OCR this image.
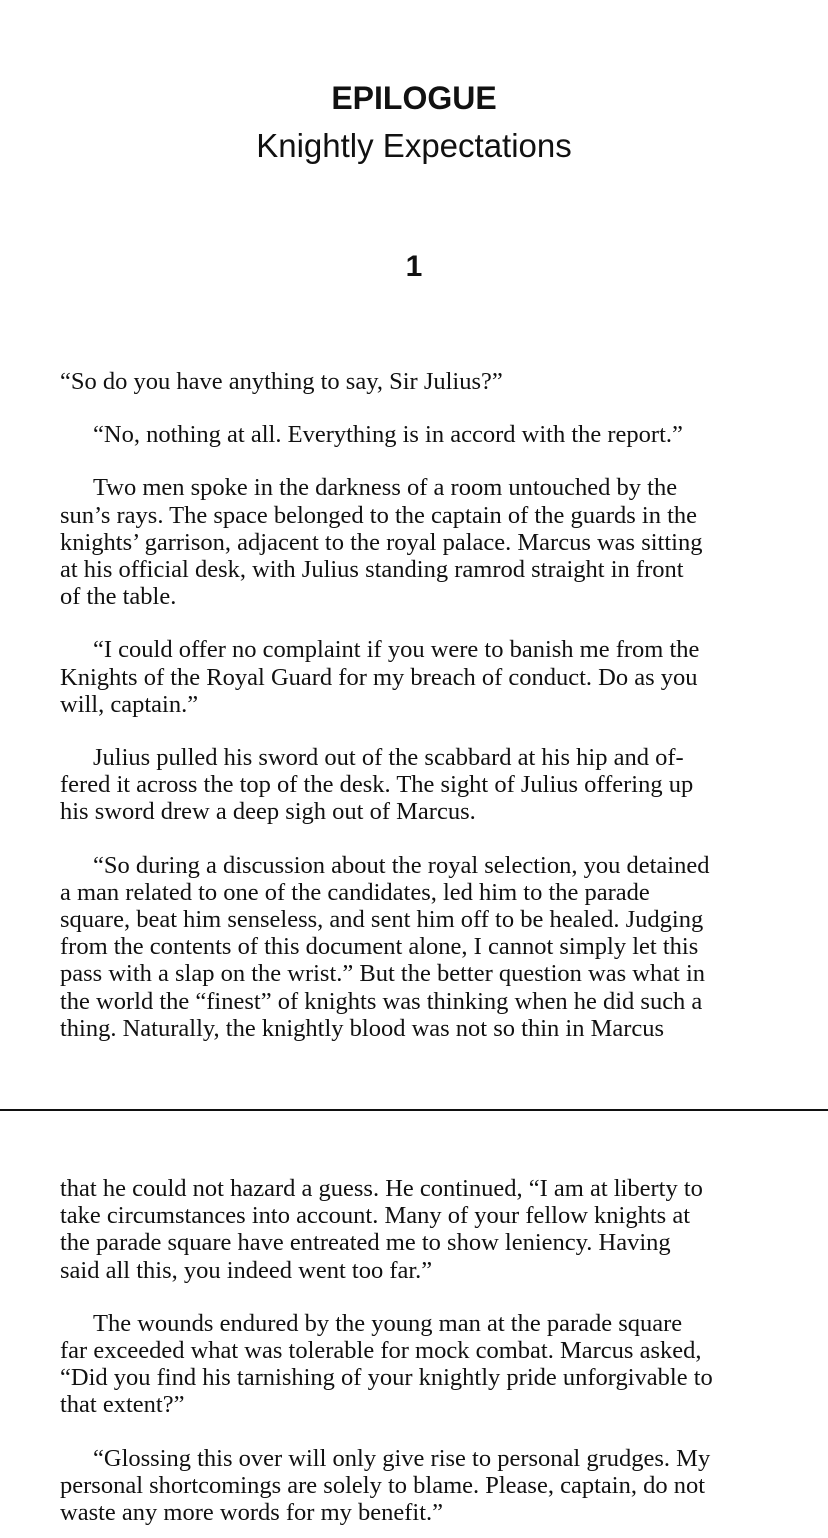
EPILOGUE
Knightly Expectations
1
“So do you have anything to say, Sir Julius?”
“No, nothing at all. Everything is in accord with the report.”
Two men spoke in the darkness of a room untouched by the
sun’s rays. The space belonged to the captain of the guards in the
knights’ garrison, adjacent to the royal palace. Marcus was sitting
at his official desk, with Julius standing ramrod straight in front
of the table.
“I could offer no complaint if you were to banish me from the
Knights of the Royal Guard for my breach of conduct. Do as you
will, captain.”
Julius pulled his sword out of the scabbard at his hip and of-
fered it across the top of the desk. The sight of Julius offering up
his sword drew a deep sigh out of Marcus.
“So during a discussion about the royal selection, you detained
a man related to one of the candidates, led him to the parade
square, beat him senseless, and sent him off to be healed. Judging
from the contents of this document alone, I cannot simply let this
pass with a slap on the wrist.” But the better question was what in
the world the “finest” of knights was thinking when he did such a
thing. Naturally, the knightly blood was not so thin in Marcus
that he could not hazard a guess. He continued, “I am at liberty to
take circumstances into account. Many of your fellow knights at
the parade square have entreated me to show leniency. Having
said all this, you indeed went too far.”
The wounds endured by the young man at the parade square
far exceeded what was tolerable for mock combat. Marcus asked,
“Did you find his tarnishing of your knightly pride unforgivable to
that extent?”
“Glossing this over will only give rise to personal grudges. My
personal shortcomings are solely to blame. Please, captain, do not
waste any more words for my benefit.”
